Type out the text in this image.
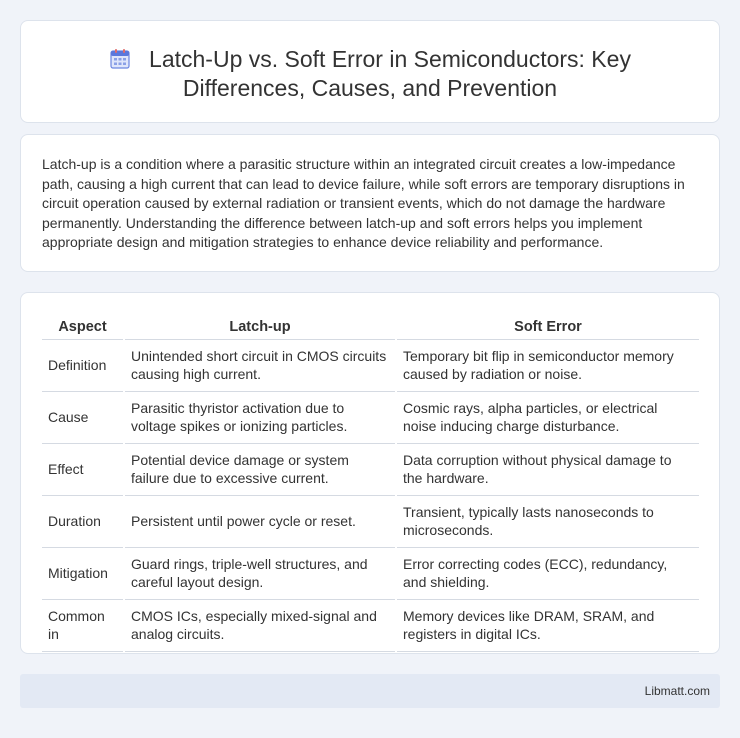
Latch-Up vs. Soft Error in Semiconductors: Key Differences, Causes, and Prevention

Latch-up is a condition where a parasitic structure within an integrated circuit creates a low-impedance path, causing a high current that can lead to device failure, while soft errors are temporary disruptions in circuit operation caused by external radiation or transient events, which do not damage the hardware permanently. Understanding the difference between latch-up and soft errors helps you implement appropriate design and mitigation strategies to enhance device reliability and performance.

Aspect	Latch-up	Soft Error
Definition	Unintended short circuit in CMOS circuits causing high current.	Temporary bit flip in semiconductor memory caused by radiation or noise.
Cause	Parasitic thyristor activation due to voltage spikes or ionizing particles.	Cosmic rays, alpha particles, or electrical noise inducing charge disturbance.
Effect	Potential device damage or system failure due to excessive current.	Data corruption without physical damage to the hardware.
Duration	Persistent until power cycle or reset.	Transient, typically lasts nanoseconds to microseconds.
Mitigation	Guard rings, triple-well structures, and careful layout design.	Error correcting codes (ECC), redundancy, and shielding.
Common in	CMOS ICs, especially mixed-signal and analog circuits.	Memory devices like DRAM, SRAM, and registers in digital ICs.
Libmatt.com
